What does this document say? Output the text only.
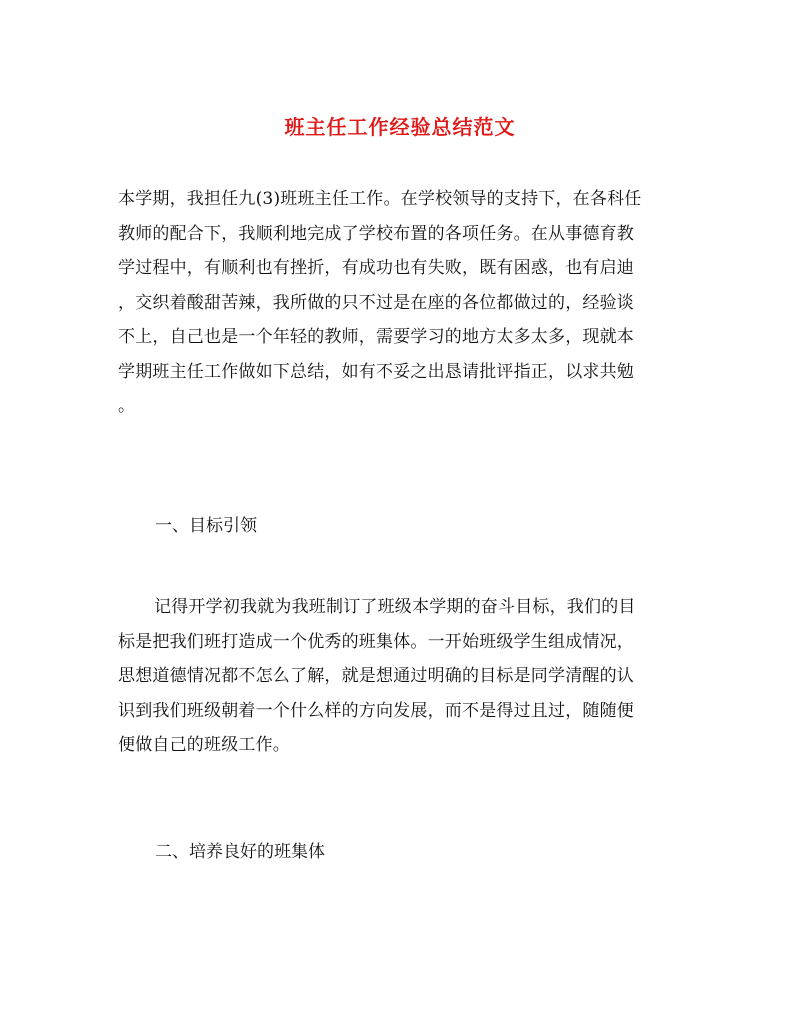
班主任工作经验总结范文
本学期，我担任九(3)班班主任工作。在学校领导的支持下，在各科任
教师的配合下，我顺利地完成了学校布置的各项任务。在从事德育教
学过程中，有顺利也有挫折，有成功也有失败，既有困惑，也有启迪
，交织着酸甜苦辣，我所做的只不过是在座的各位都做过的，经验谈
不上，自己也是一个年轻的教师，需要学习的地方太多太多，现就本
学期班主任工作做如下总结，如有不妥之出恳请批评指正，以求共勉
。
一、目标引领
记得开学初我就为我班制订了班级本学期的奋斗目标，我们的目
标是把我们班打造成一个优秀的班集体。一开始班级学生组成情况，
思想道德情况都不怎么了解，就是想通过明确的目标是同学清醒的认
识到我们班级朝着一个什么样的方向发展，而不是得过且过，随随便
便做自己的班级工作。
二、培养良好的班集体
